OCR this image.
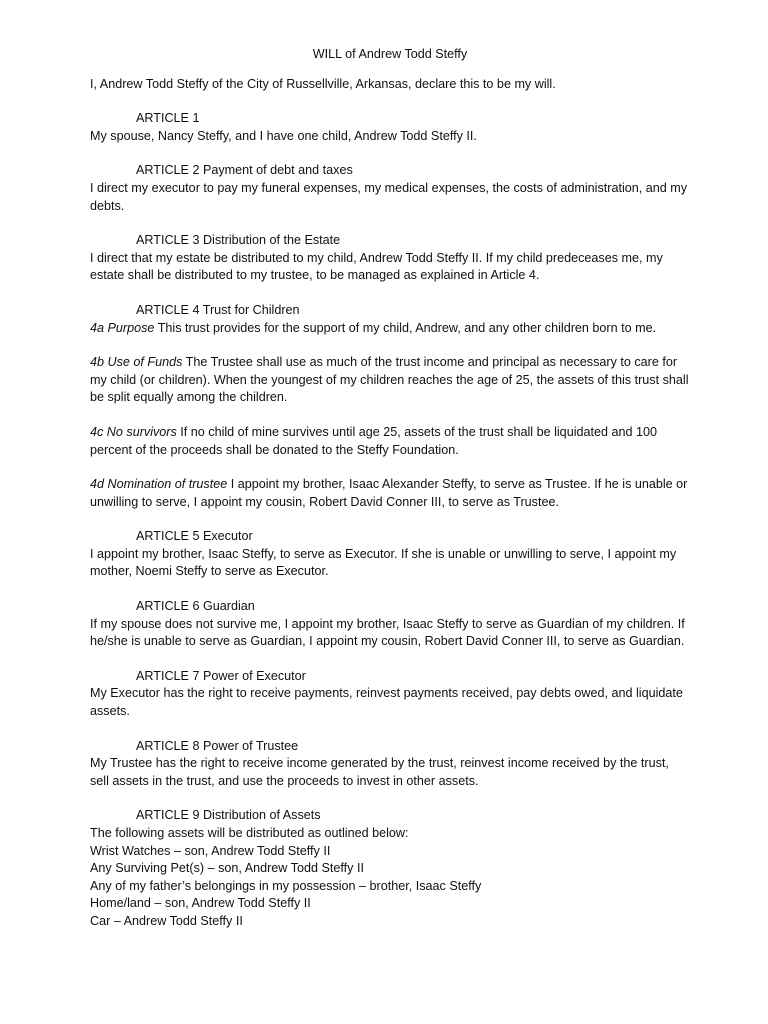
WILL of Andrew Todd Steffy

I, Andrew Todd Steffy of the City of Russellville, Arkansas, declare this to be my will.

ARTICLE 1

My spouse, Nancy Steffy, and I have one child, Andrew Todd Steffy II.

ARTICLE 2 Payment of debt and taxes

I direct my executor to pay my funeral expenses, my medical expenses, the costs of administration, and my debts.

ARTICLE 3 Distribution of the Estate

I direct that my estate be distributed to my child, Andrew Todd Steffy II. If my child predeceases me, my estate shall be distributed to my trustee, to be managed as explained in Article 4.

ARTICLE 4 Trust for Children

4a Purpose This trust provides for the support of my child, Andrew, and any other children born to me.

4b Use of Funds The Trustee shall use as much of the trust income and principal as necessary to care for my child (or children). When the youngest of my children reaches the age of 25, the assets of this trust shall be split equally among the children.

4c No survivors If no child of mine survives until age 25, assets of the trust shall be liquidated and 100 percent of the proceeds shall be donated to the Steffy Foundation.

4d Nomination of trustee I appoint my brother, Isaac Alexander Steffy, to serve as Trustee. If he is unable or unwilling to serve, I appoint my cousin, Robert David Conner III, to serve as Trustee.

ARTICLE 5 Executor

I appoint my brother, Isaac Steffy, to serve as Executor. If she is unable or unwilling to serve, I appoint my mother, Noemi Steffy to serve as Executor.

ARTICLE 6 Guardian

If my spouse does not survive me, I appoint my brother, Isaac Steffy to serve as Guardian of my children. If he/she is unable to serve as Guardian, I appoint my cousin, Robert David Conner III, to serve as Guardian.

ARTICLE 7 Power of Executor

My Executor has the right to receive payments, reinvest payments received, pay debts owed, and liquidate assets.

ARTICLE 8 Power of Trustee

My Trustee has the right to receive income generated by the trust, reinvest income received by the trust, sell assets in the trust, and use the proceeds to invest in other assets.

ARTICLE 9 Distribution of Assets

The following assets will be distributed as outlined below:

Wrist Watches – son, Andrew Todd Steffy II

Any Surviving Pet(s) – son, Andrew Todd Steffy II

Any of my father’s belongings in my possession – brother, Isaac Steffy

Home/land – son, Andrew Todd Steffy II

Car – Andrew Todd Steffy II
